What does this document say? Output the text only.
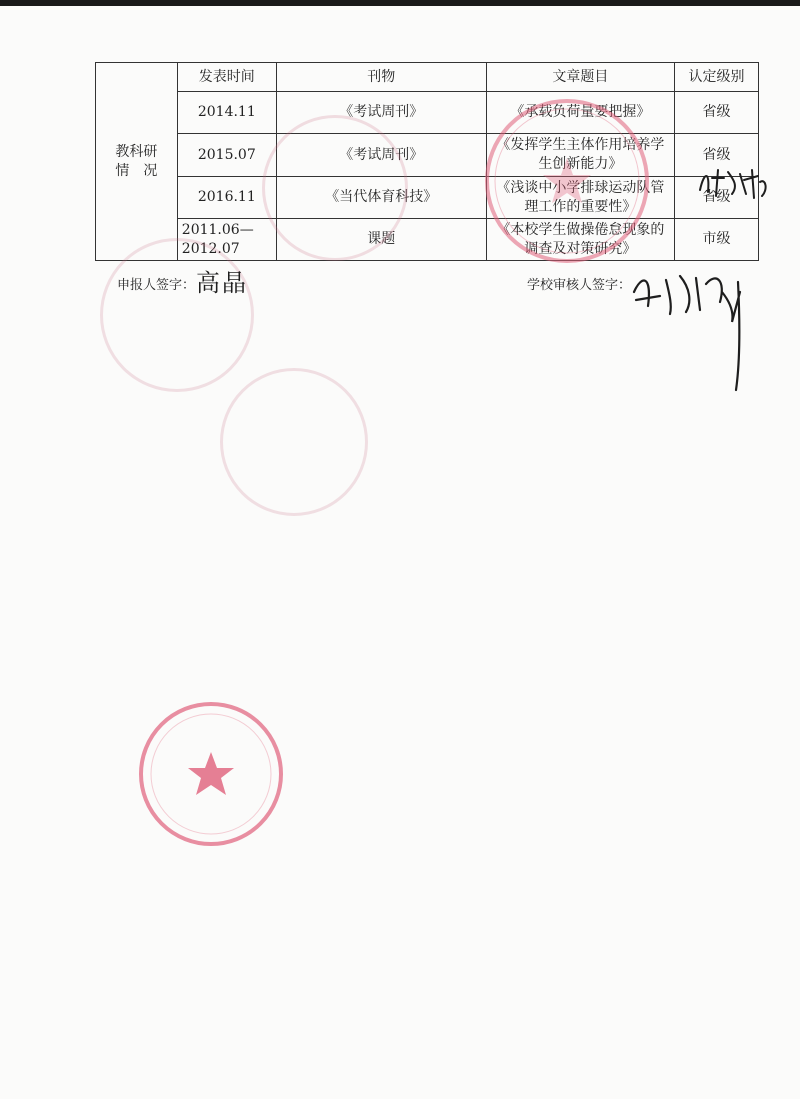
教科研
情　况	发表时间	刊物	文章题目	认定级别
	2014.11	《考试周刊》	《承载负荷量要把握》	省级
	2015.07	《考试周刊》	《发挥学生主体作用培养学生创新能力》	省级
	2016.11	《当代体育科技》	《浅谈中小学排球运动队管理工作的重要性》	省级
	2011.06—2012.07	课题	《本校学生做操倦怠现象的调查及对策研究》	市级
申报人签字： 高晶	学校审核人签字：
